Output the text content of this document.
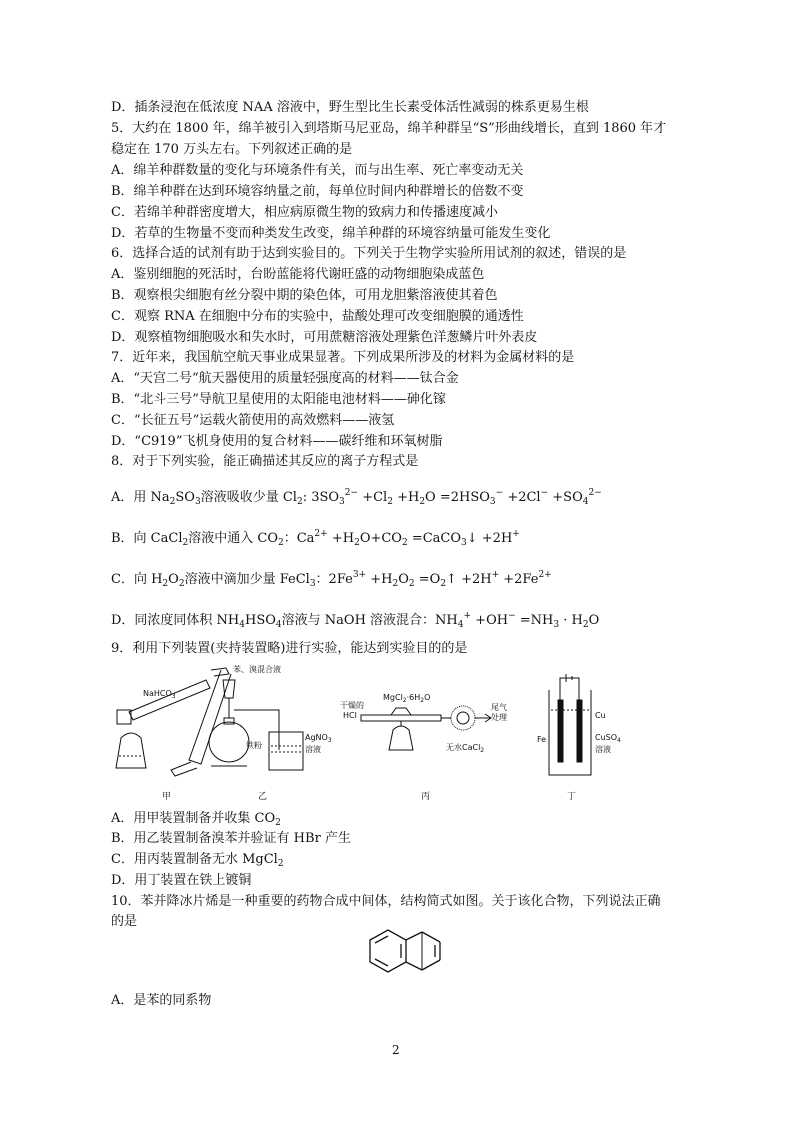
D．插条浸泡在低浓度 NAA 溶液中，野生型比生长素受体活性减弱的株系更易生根
5．大约在 1800 年，绵羊被引入到塔斯马尼亚岛，绵羊种群呈“S”形曲线增长，直到 1860 年才
稳定在 170 万头左右。下列叙述正确的是
A．绵羊种群数量的变化与环境条件有关，而与出生率、死亡率变动无关
B．绵羊种群在达到环境容纳量之前，每单位时间内种群增长的倍数不变
C．若绵羊种群密度增大，相应病原微生物的致病力和传播速度减小
D．若草的生物量不变而种类发生改变，绵羊种群的环境容纳量可能发生变化
6．选择合适的试剂有助于达到实验目的。下列关于生物学实验所用试剂的叙述，错误的是
A．鉴别细胞的死活时，台盼蓝能将代谢旺盛的动物细胞染成蓝色
B．观察根尖细胞有丝分裂中期的染色体，可用龙胆紫溶液使其着色
C．观察 RNA 在细胞中分布的实验中，盐酸处理可改变细胞膜的通透性
D．观察植物细胞吸水和失水时，可用蔗糖溶液处理紫色洋葱鳞片叶外表皮
7．近年来，我国航空航天事业成果显著。下列成果所涉及的材料为金属材料的是
A．“天宫二号“航天器使用的质量轻强度高的材料——钛合金
B．“北斗三号”导航卫星使用的太阳能电池材料——砷化镓
C．“长征五号”运载火箭使用的高效燃料——液氢
D．“C919”飞机身使用的复合材料——碳纤维和环氧树脂
8．对于下列实验，能正确描述其反应的离子方程式是
A．用 $Na_2SO_3$溶液吸收少量 $Cl_2$: $3SO_3^{2-} +Cl_2 +H_2O =2HSO_3^- +2Cl^- +SO_4^{2-}$
B．向 CaCl$_2$溶液中通入 $CO_2$：$Ca^{2+} +H_2O+CO_2$ =CaCO$_3$↓ +2H+
C．向 $H_2O_2$溶液中滴加少量 FeCl$_3$：$2Fe^{3+} +H_2O_2$ $=O_2↑ +2H^+ +2Fe^{2+}$
D．同浓度同体积 $NH_4HSO_4$溶液与 NaOH 溶液混合：$NH_4^+ +OH^- =NH_3 \cdot H_2O$
9．利用下列装置(夹持装置略)进行实验，能达到实验目的的是
NaHCO$_3$
苯、溴混合液
铁粉
AgNO$_3$
溶液
干燥的
HCl
$MgCl_2\cdot 6H_2O$
尾气
处理
无水CaCl$_2$
Fe
Cu
CuSO$_4$
溶液
甲	乙	丙	丁
A．用甲装置制备并收集 $CO_2$
B．用乙装置制备溴苯并验证有 HBr 产生
C．用丙装置制备无水 MgCl$_2$
D．用丁装置在铁上镀铜
10．苯并降冰片烯是一种重要的药物合成中间体，结构简式如图。关于该化合物，下列说法正确
的是
A．是苯的同系物
2
